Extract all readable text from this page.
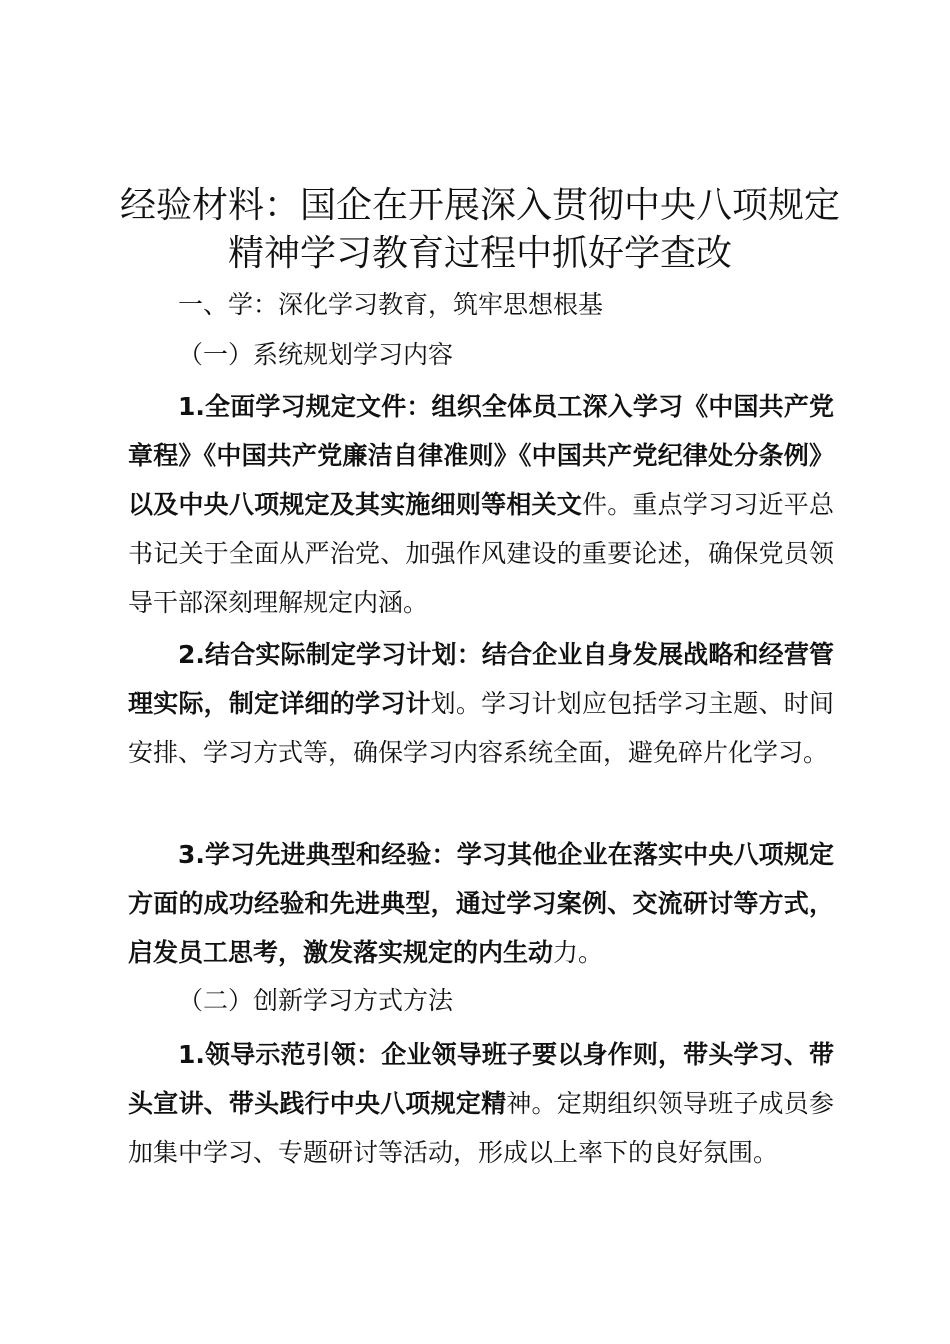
经验材料：国企在开展深入贯彻中央八项规定
精神学习教育过程中抓好学查改
一、学：深化学习教育，筑牢思想根基
（一）系统规划学习内容

1.全面学习规定文件：组织全体员工深入学习《中国共产党章程》《中国共产党廉洁自律准则》《中国共产党纪律处分条例》以及中央八项规定及其实施细则等相关文件。重点学习习近平总书记关于全面从严治党、加强作风建设的重要论述，确保党员领导干部深刻理解规定内涵。

2.结合实际制定学习计划：结合企业自身发展战略和经营管理实际，制定详细的学习计划。学习计划应包括学习主题、时间安排、学习方式等，确保学习内容系统全面，避免碎片化学习。

3.学习先进典型和经验：学习其他企业在落实中央八项规定方面的成功经验和先进典型，通过学习案例、交流研讨等方式，启发员工思考，激发落实规定的内生动力。

（二）创新学习方式方法

1.领导示范引领：企业领导班子要以身作则，带头学习、带头宣讲、带头践行中央八项规定精神。定期组织领导班子成员参加集中学习、专题研讨等活动，形成以上率下的良好氛围。
